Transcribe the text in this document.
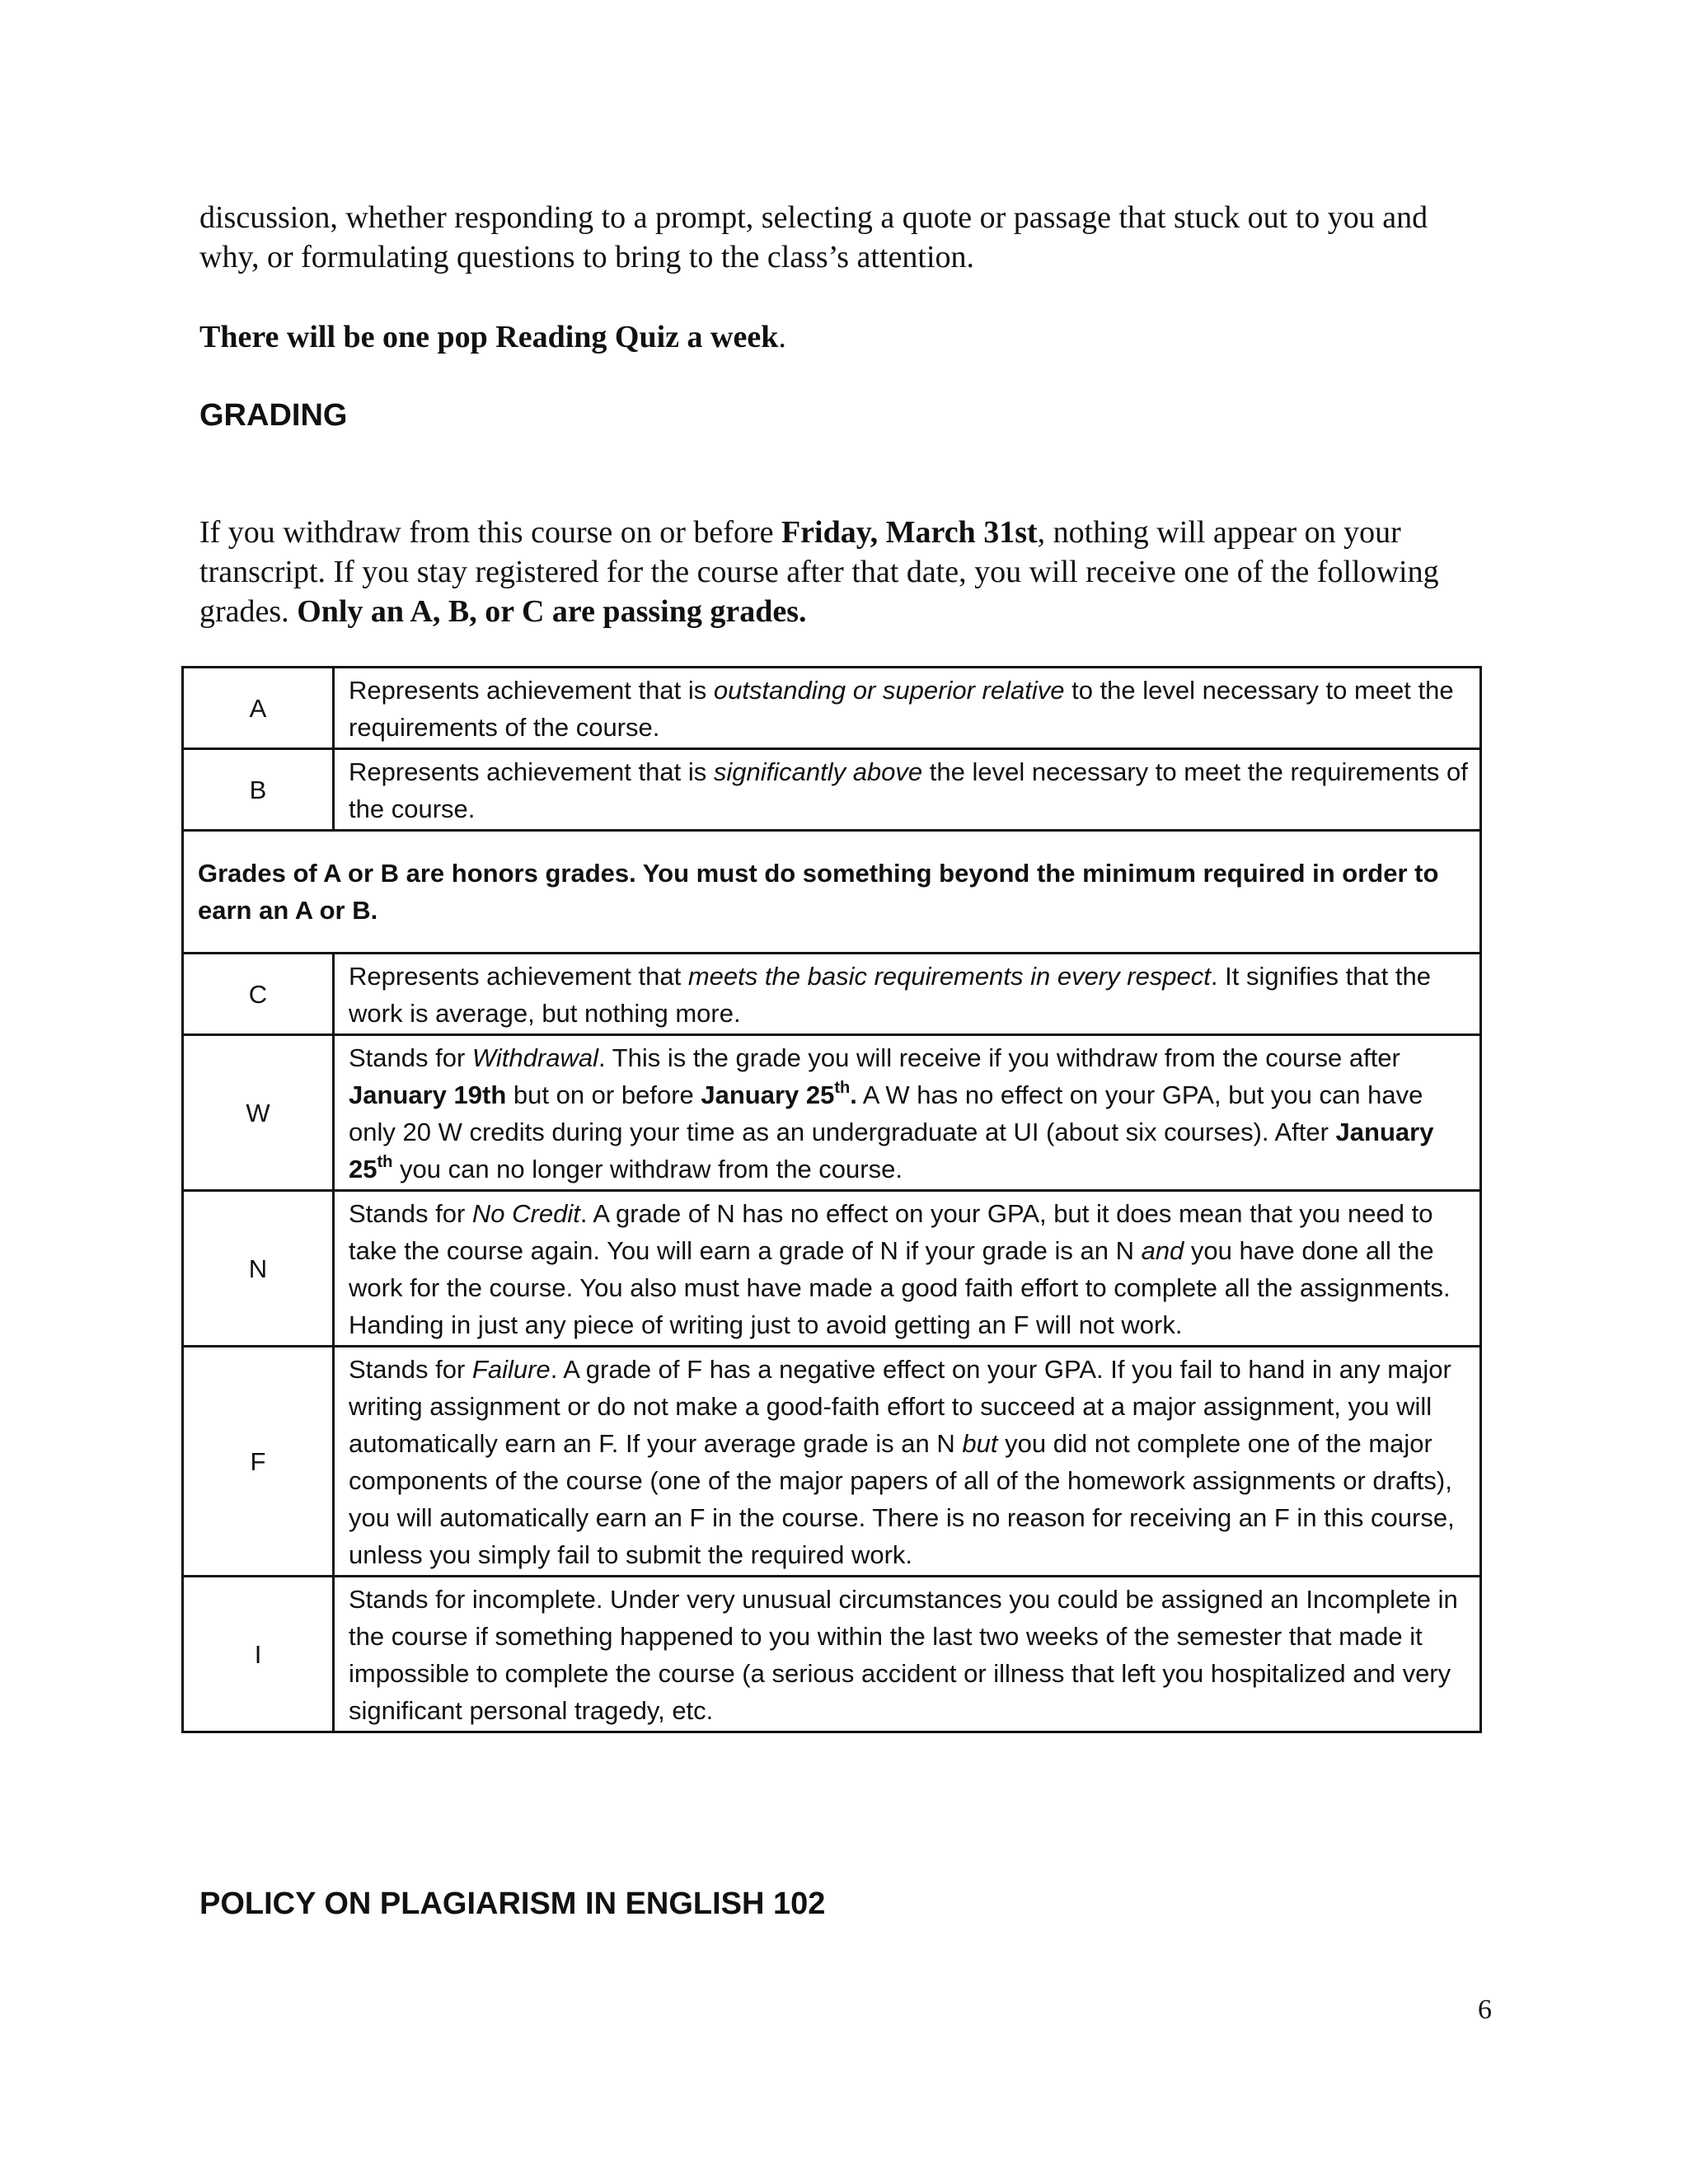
discussion, whether responding to a prompt, selecting a quote or passage that stuck out to you and why, or formulating questions to bring to the class’s attention.

There will be one pop Reading Quiz a week.

GRADING

If you withdraw from this course on or before Friday, March 31st, nothing will appear on your transcript. If you stay registered for the course after that date, you will receive one of the following grades. Only an A, B, or C are passing grades.

A	Represents achievement that is outstanding or superior relative to the level necessary to meet the requirements of the course.
B	Represents achievement that is significantly above the level necessary to meet the requirements of the course.
Grades of A or B are honors grades. You must do something beyond the minimum required in order to earn an A or B.	
C	Represents achievement that meets the basic requirements in every respect. It signifies that the work is average, but nothing more.
W	Stands for Withdrawal. This is the grade you will receive if you withdraw from the course after January 19th but on or before January 25th. A W has no effect on your GPA, but you can have only 20 W credits during your time as an undergraduate at UI (about six courses). After January 25th you can no longer withdraw from the course.
N	Stands for No Credit. A grade of N has no effect on your GPA, but it does mean that you need to take the course again. You will earn a grade of N if your grade is an N and you have done all the work for the course. You also must have made a good faith effort to complete all the assignments. Handing in just any piece of writing just to avoid getting an F will not work.
F	Stands for Failure. A grade of F has a negative effect on your GPA. If you fail to hand in any major writing assignment or do not make a good-faith effort to succeed at a major assignment, you will automatically earn an F. If your average grade is an N but you did not complete one of the major components of the course (one of the major papers of all of the homework assignments or drafts), you will automatically earn an F in the course. There is no reason for receiving an F in this course, unless you simply fail to submit the required work.
I	Stands for incomplete. Under very unusual circumstances you could be assigned an Incomplete in the course if something happened to you within the last two weeks of the semester that made it impossible to complete the course (a serious accident or illness that left you hospitalized and very significant personal tragedy, etc.
POLICY ON PLAGIARISM IN ENGLISH 102
6
